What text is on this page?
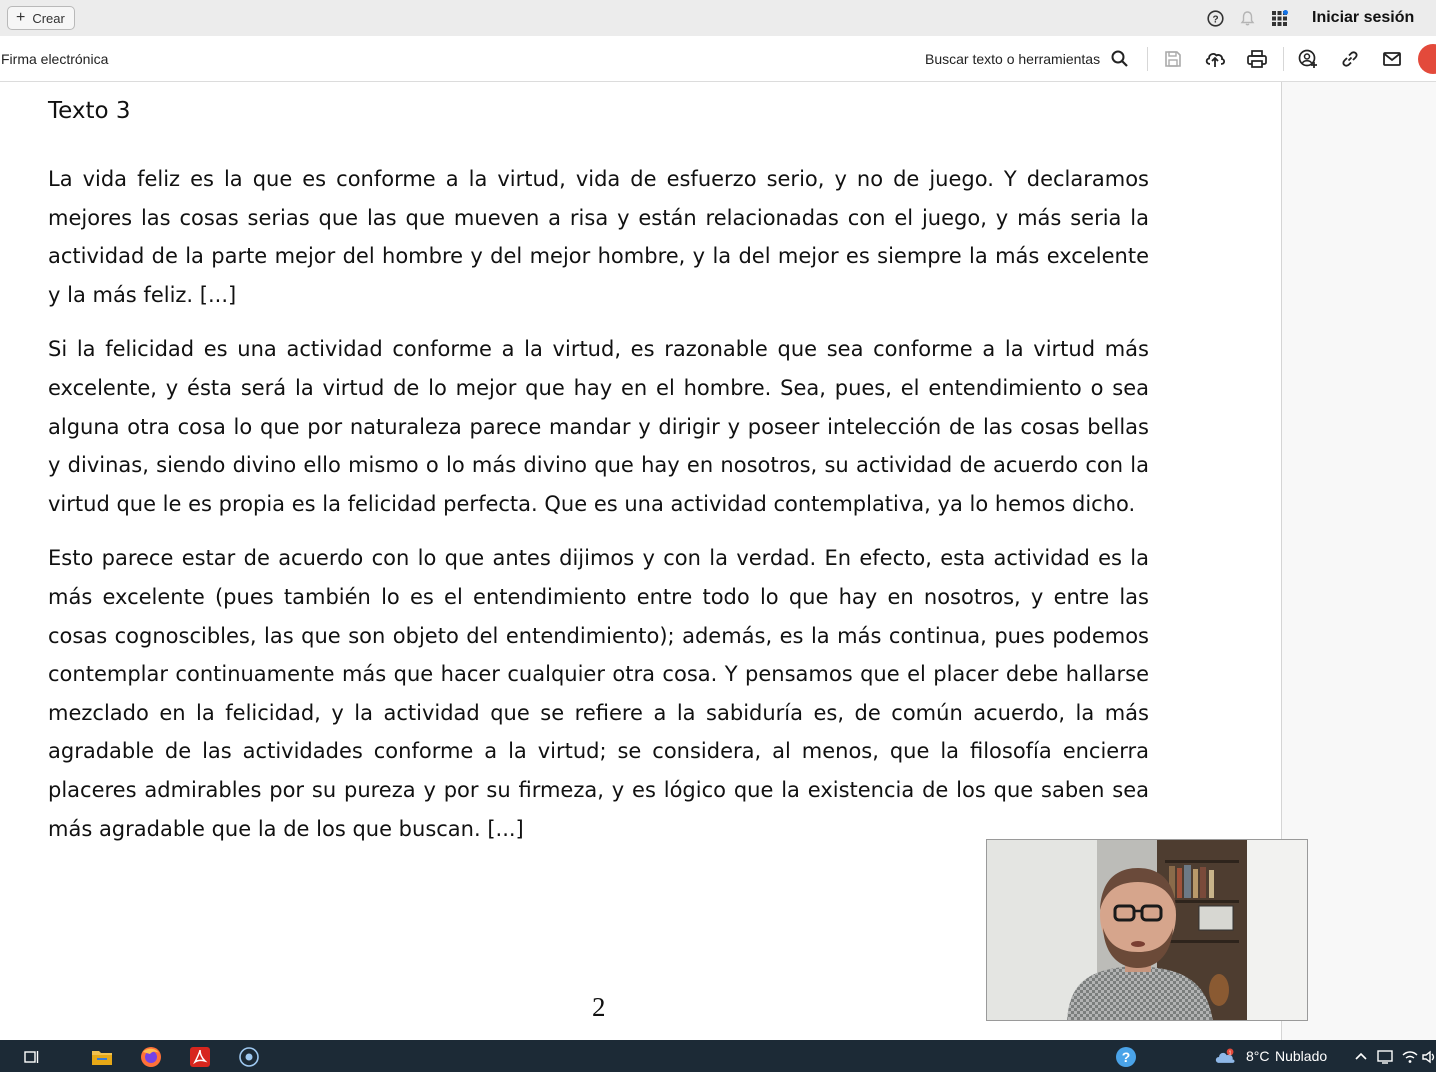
+ Crear	?	Iniciar sesión
Firma electrónica	Buscar texto o herramientas
Texto 3

La vida feliz es la que es conforme a la virtud, vida de esfuerzo serio, y no de juego. Y declaramos mejores las cosas serias que las que mueven a risa y están relacionadas con el juego, y más seria la actividad de la parte mejor del hombre y del mejor hombre, y la del mejor es siempre la más excelente y la más feliz. [...]

Si la felicidad es una actividad conforme a la virtud, es razonable que sea conforme a la virtud más excelente, y ésta será la virtud de lo mejor que hay en el hombre. Sea, pues, el entendimiento o sea alguna otra cosa lo que por naturaleza parece mandar y dirigir y poseer intelección de las cosas bellas y divinas, siendo divino ello mismo o lo más divino que hay en nosotros, su actividad de acuerdo con la virtud que le es propia es la felicidad perfecta. Que es una actividad contemplativa, ya lo hemos dicho.

Esto parece estar de acuerdo con lo que antes dijimos y con la verdad. En efecto, esta actividad es la más excelente (pues también lo es el entendimiento entre todo lo que hay en nosotros, y entre las cosas cognoscibles, las que son objeto del entendimiento); además, es la más continua, pues podemos contemplar continuamente más que hacer cualquier otra cosa. Y pensamos que el placer debe hallarse mezclado en la felicidad, y la actividad que se refiere a la sabiduría es, de común acuerdo, la más agradable de las actividades conforme a la virtud; se considera, al menos, que la filosofía encierra placeres admirables por su pureza y por su firmeza, y es lógico que la existencia de los que saben sea más agradable que la de los que buscan. [...]

2
?	1 8°C Nublado
